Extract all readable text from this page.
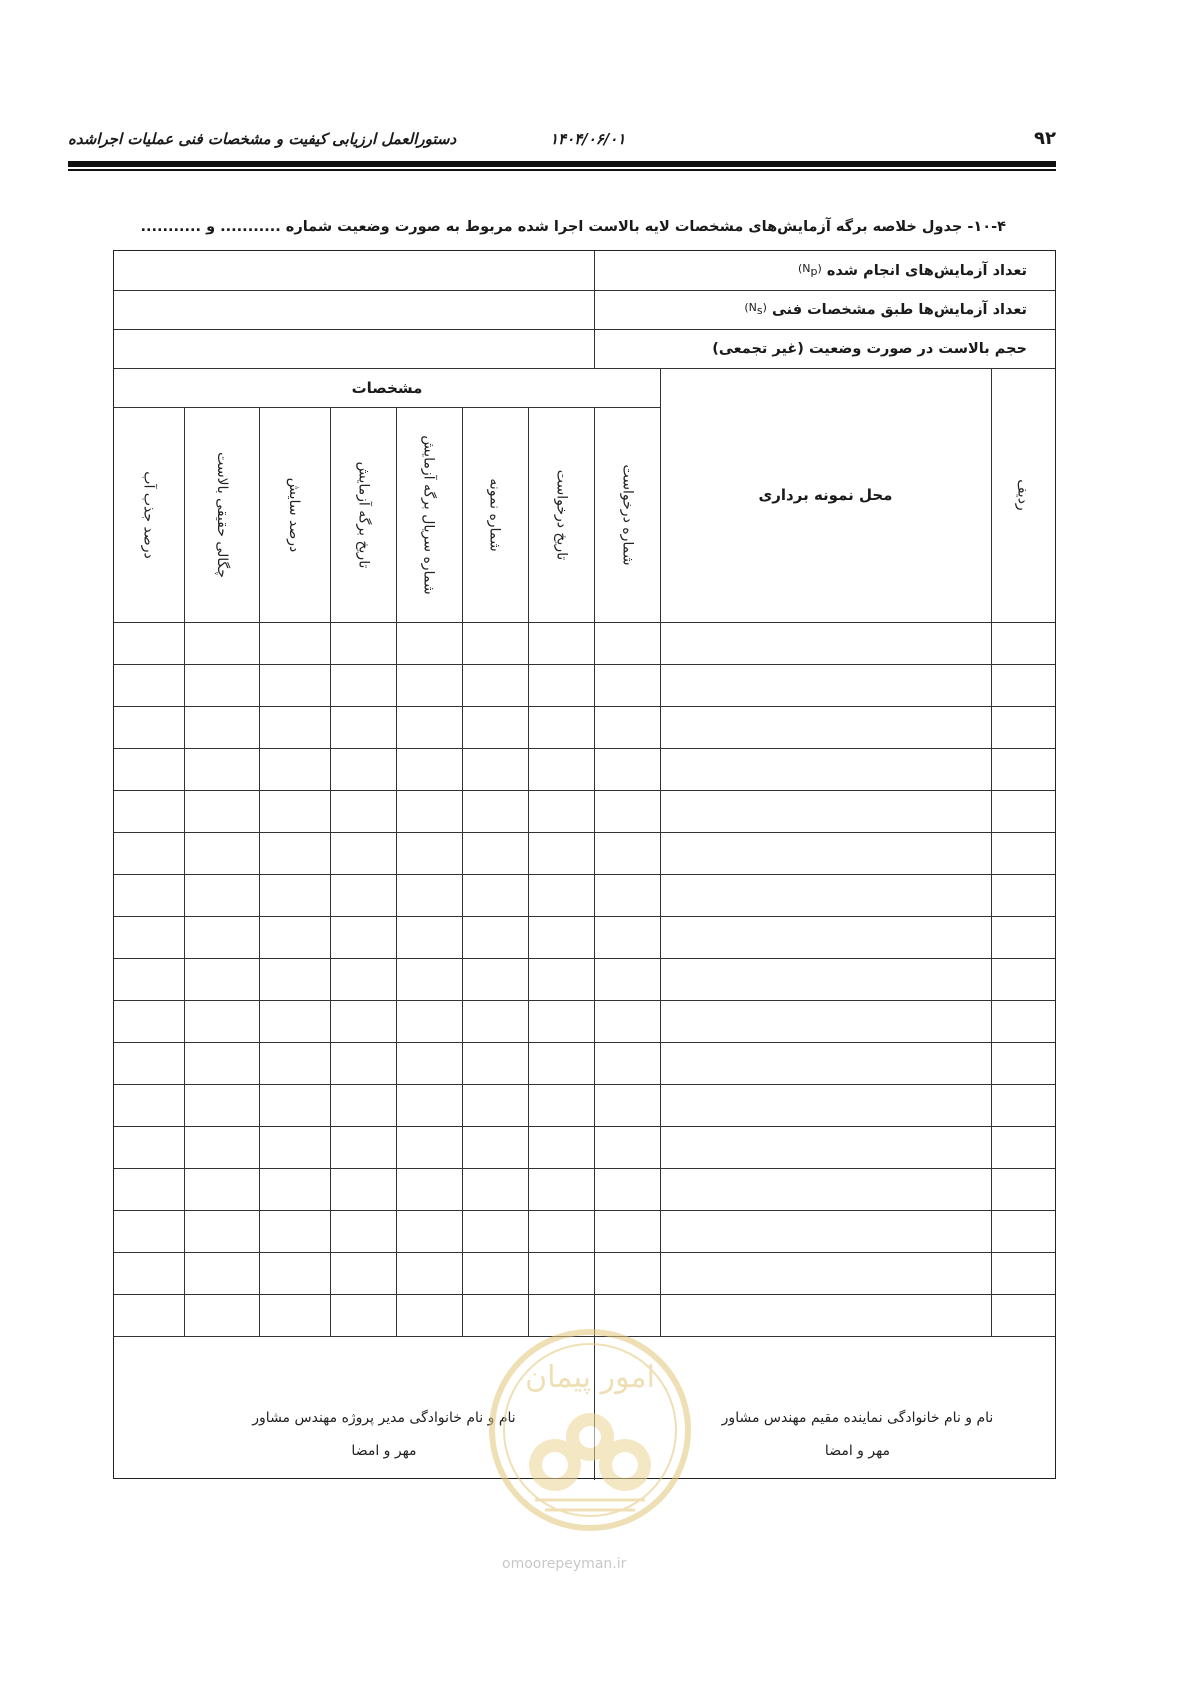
۹۲
۱۴۰۴/۰۶/۰۱
دستورالعمل ارزیابی کیفیت و مشخصات فنی عملیات اجراشده
۱۰-۴- جدول خلاصه برگه آزمایش‌های مشخصات لایه بالاست اجرا شده مربوط به صورت وضعیت شماره ........... و ...........
تعداد آزمایش‌های انجام شده

$(N_p)$
تعداد آزمایش‌ها طبق مشخصات فنی

$(N_s)$
حجم بالاست در صورت وضعیت (غیر تجمعی)
ردیف
محل نمونه برداری
مشخصات
شماره درخواست
تاریخ درخواست
شماره نمونه
شماره سریال برگه آزمایش
تاریخ برگه آزمایش
درصد سایش
چگالی حقیقی بالاست
درصد جذب آب
نام و نام خانوادگی نماینده مقیم مهندس مشاور
مهر و امضا
نام و نام خانوادگی مدیر پروژه مهندس مشاور
مهر و امضا
امور پیمان
omoorepeyman.ir
